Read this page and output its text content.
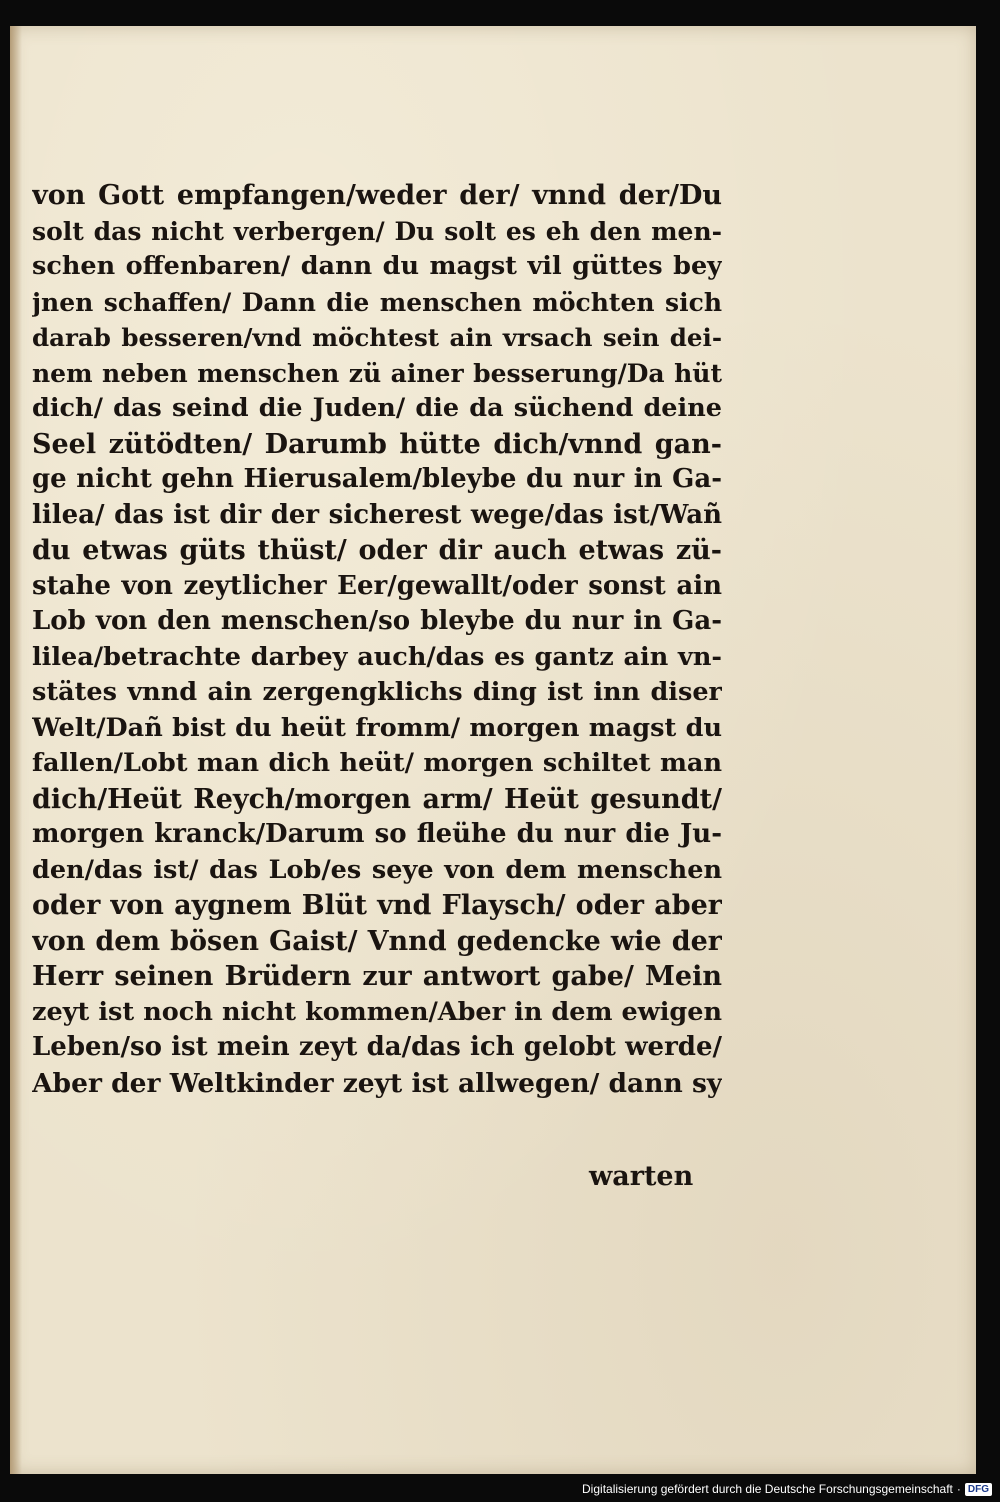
von Gott empfangen/weder der/ vnnd der/Du
solt das nicht verbergen/ Du solt es eh den men-
schen offenbaren/ dann du magst vil güttes bey
jnen schaffen/ Dann die menschen möchten sich
darab besseren/vnd möchtest ain vrsach sein dei-
nem neben menschen zü ainer besserung/Da hüt
dich/ das seind die Juden/ die da süchend deine
Seel zütödten/ Darumb hütte dich/vnnd gan-
ge nicht gehn Hierusalem/bleybe du nur in Ga-
lilea/ das ist dir der sicherest wege/das ist/Wañ
du etwas güts thüst/ oder dir auch etwas zü-
stahe von zeytlicher Eer/gewallt/oder sonst ain
Lob von den menschen/so bleybe du nur in Ga-
lilea/betrachte darbey auch/das es gantz ain vn-
stätes vnnd ain zergengklichs ding ist inn diser
Welt/Dañ bist du heüt fromm/ morgen magst du
fallen/Lobt man dich heüt/ morgen schiltet man
dich/Heüt Reych/morgen arm/ Heüt gesundt/
morgen kranck/Darum so fleühe du nur die Ju-
den/das ist/ das Lob/es seye von dem menschen
oder von aygnem Blüt vnd Flaysch/ oder aber
von dem bösen Gaist/ Vnnd gedencke wie der
Herr seinen Brüdern zur antwort gabe/ Mein
zeyt ist noch nicht kommen/Aber in dem ewigen
Leben/so ist mein zeyt da/das ich gelobt werde/
Aber der Weltkinder zeyt ist allwegen/ dann sy
warten
Digitalisierung gefördert durch die Deutsche Forschungsgemeinschaft · DFG
